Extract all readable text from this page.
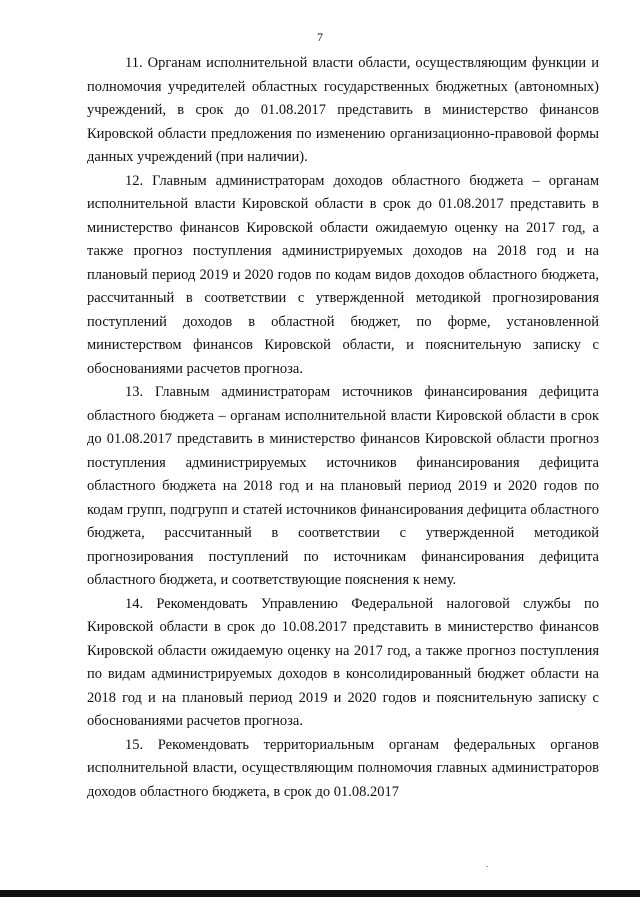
7

11. Органам исполнительной власти области, осуществляющим функции и полномочия учредителей областных государственных бюджетных (автономных) учреждений, в срок до 01.08.2017 представить в министерство финансов Кировской области предложения по изменению организационно-правовой формы данных учреждений (при наличии).

12. Главным администраторам доходов областного бюджета – органам исполнительной власти Кировской области в срок до 01.08.2017 представить в министерство финансов Кировской области ожидаемую оценку на 2017 год, а также прогноз поступления администрируемых доходов на 2018 год и на плановый период 2019 и 2020 годов по кодам видов доходов областного бюджета, рассчитанный в соответствии с утвержденной методикой прогнозирования поступлений доходов в областной бюджет, по форме, установленной министерством финансов Кировской области, и пояснительную записку с обоснованиями расчетов прогноза.

13. Главным администраторам источников финансирования дефицита областного бюджета – органам исполнительной власти Кировской области в срок до 01.08.2017 представить в министерство финансов Кировской области прогноз поступления администрируемых источников финансирования дефицита областного бюджета на 2018 год и на плановый период 2019 и 2020 годов по кодам групп, подгрупп и статей источников финансирования дефицита областного бюджета, рассчитанный в соответствии с утвержденной методикой прогнозирования поступлений по источникам финансирования дефицита областного бюджета, и соответствующие пояснения к нему.

14. Рекомендовать Управлению Федеральной налоговой службы по Кировской области в срок до 10.08.2017 представить в министерство финансов Кировской области ожидаемую оценку на 2017 год, а также прогноз поступления по видам администрируемых доходов в консолидированный бюджет области на 2018 год и на плановый период 2019 и 2020 годов и пояснительную записку с обоснованиями расчетов прогноза.

15. Рекомендовать территориальным органам федеральных органов исполнительной власти, осуществляющим полномочия главных администраторов доходов областного бюджета, в срок до 01.08.2017
